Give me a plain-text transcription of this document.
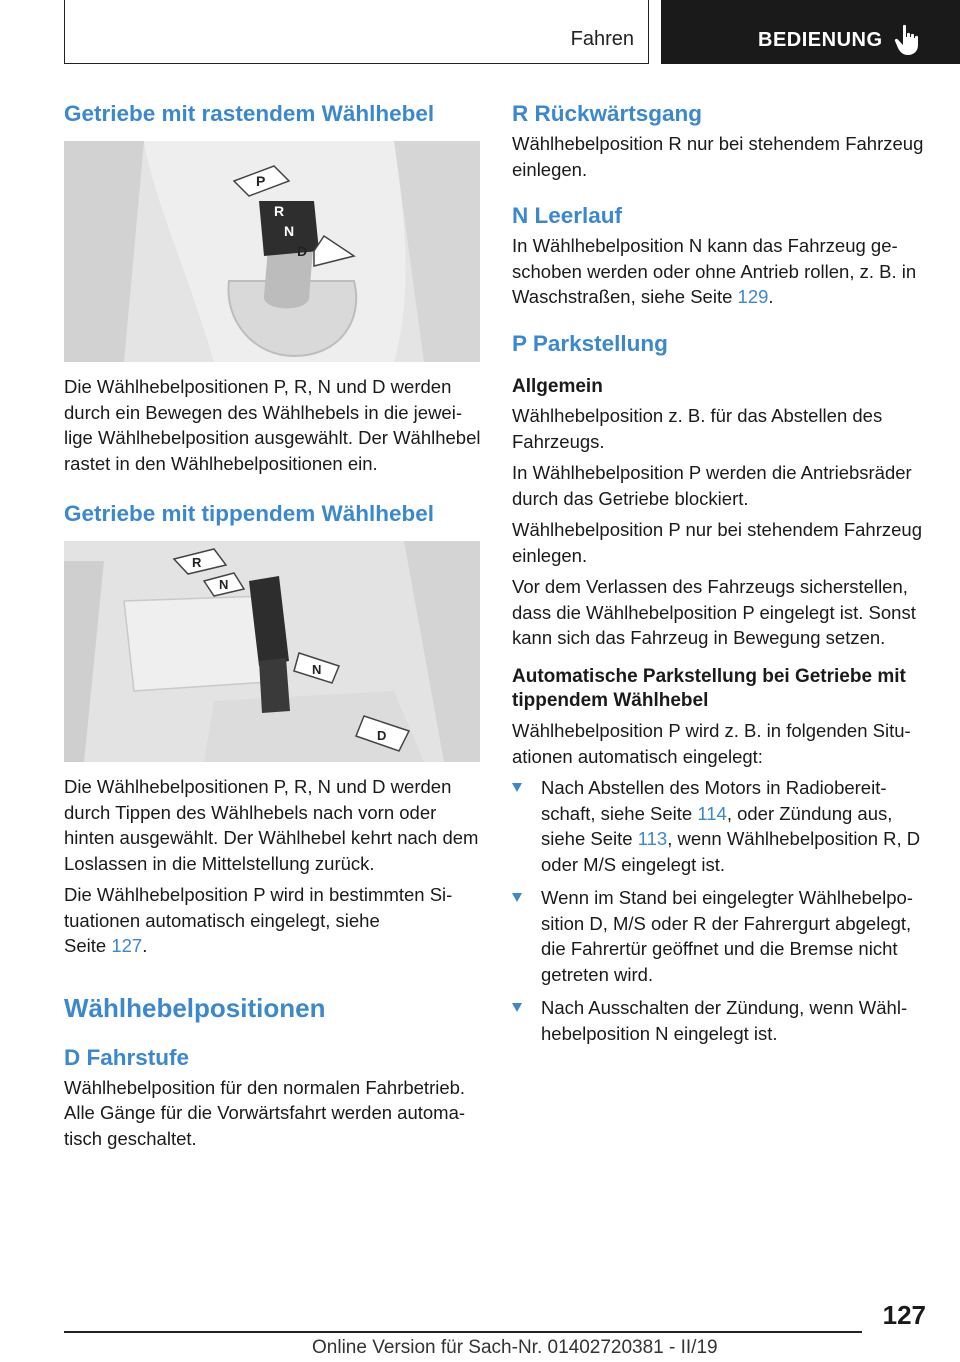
Fahren	BEDIENUNG
Getriebe mit rastendem Wählhebel
P
R
N
D

Die Wählhebelpositionen P, R, N und D werden durch ein Bewegen des Wählhebels in die jeweilige Wählhebelposition ausgewählt. Der Wählhebel rastet in den Wählhebelpositionen ein.

Getriebe mit tippendem Wählhebel
R
N
N
D

Die Wählhebelpositionen P, R, N und D werden durch Tippen des Wählhebels nach vorn oder hinten ausgewählt. Der Wählhebel kehrt nach dem Loslassen in die Mittelstellung zurück.

Die Wählhebelposition P wird in bestimmten Situationen automatisch eingelegt, siehe
Seite 127.

Wählhebelpositionen
D Fahrstufe

Wählhebelposition für den normalen Fahrbetrieb. Alle Gänge für die Vorwärtsfahrt werden automatisch geschaltet.

R Rückwärtsgang

Wählhebelposition R nur bei stehendem Fahrzeug einlegen.

N Leerlauf

In Wählhebelposition N kann das Fahrzeug geschoben werden oder ohne Antrieb rollen, z. B. in Waschstraßen, siehe Seite 129.

P Parkstellung
Allgemein

Wählhebelposition z. B. für das Abstellen des Fahrzeugs.

In Wählhebelposition P werden die Antriebsräder durch das Getriebe blockiert.

Wählhebelposition P nur bei stehendem Fahrzeug einlegen.

Vor dem Verlassen des Fahrzeugs sicherstellen, dass die Wählhebelposition P eingelegt ist. Sonst kann sich das Fahrzeug in Bewegung setzen.

Automatische Parkstellung bei Getriebe mit tippendem Wählhebel

Wählhebelposition P wird z. B. in folgenden Situationen automatisch eingelegt:

Nach Abstellen des Motors in Radiobereitschaft, siehe Seite 114, oder Zündung aus, siehe Seite 113, wenn Wählhebelposition R, D oder M/S eingelegt ist.
Wenn im Stand bei eingelegter Wählhebelposition D, M/S oder R der Fahrergurt abgelegt, die Fahrertür geöffnet und die Bremse nicht getreten wird.
Nach Ausschalten der Zündung, wenn Wählhebelposition N eingelegt ist.
127
Online Version für Sach-Nr. 01402720381 - II/19
